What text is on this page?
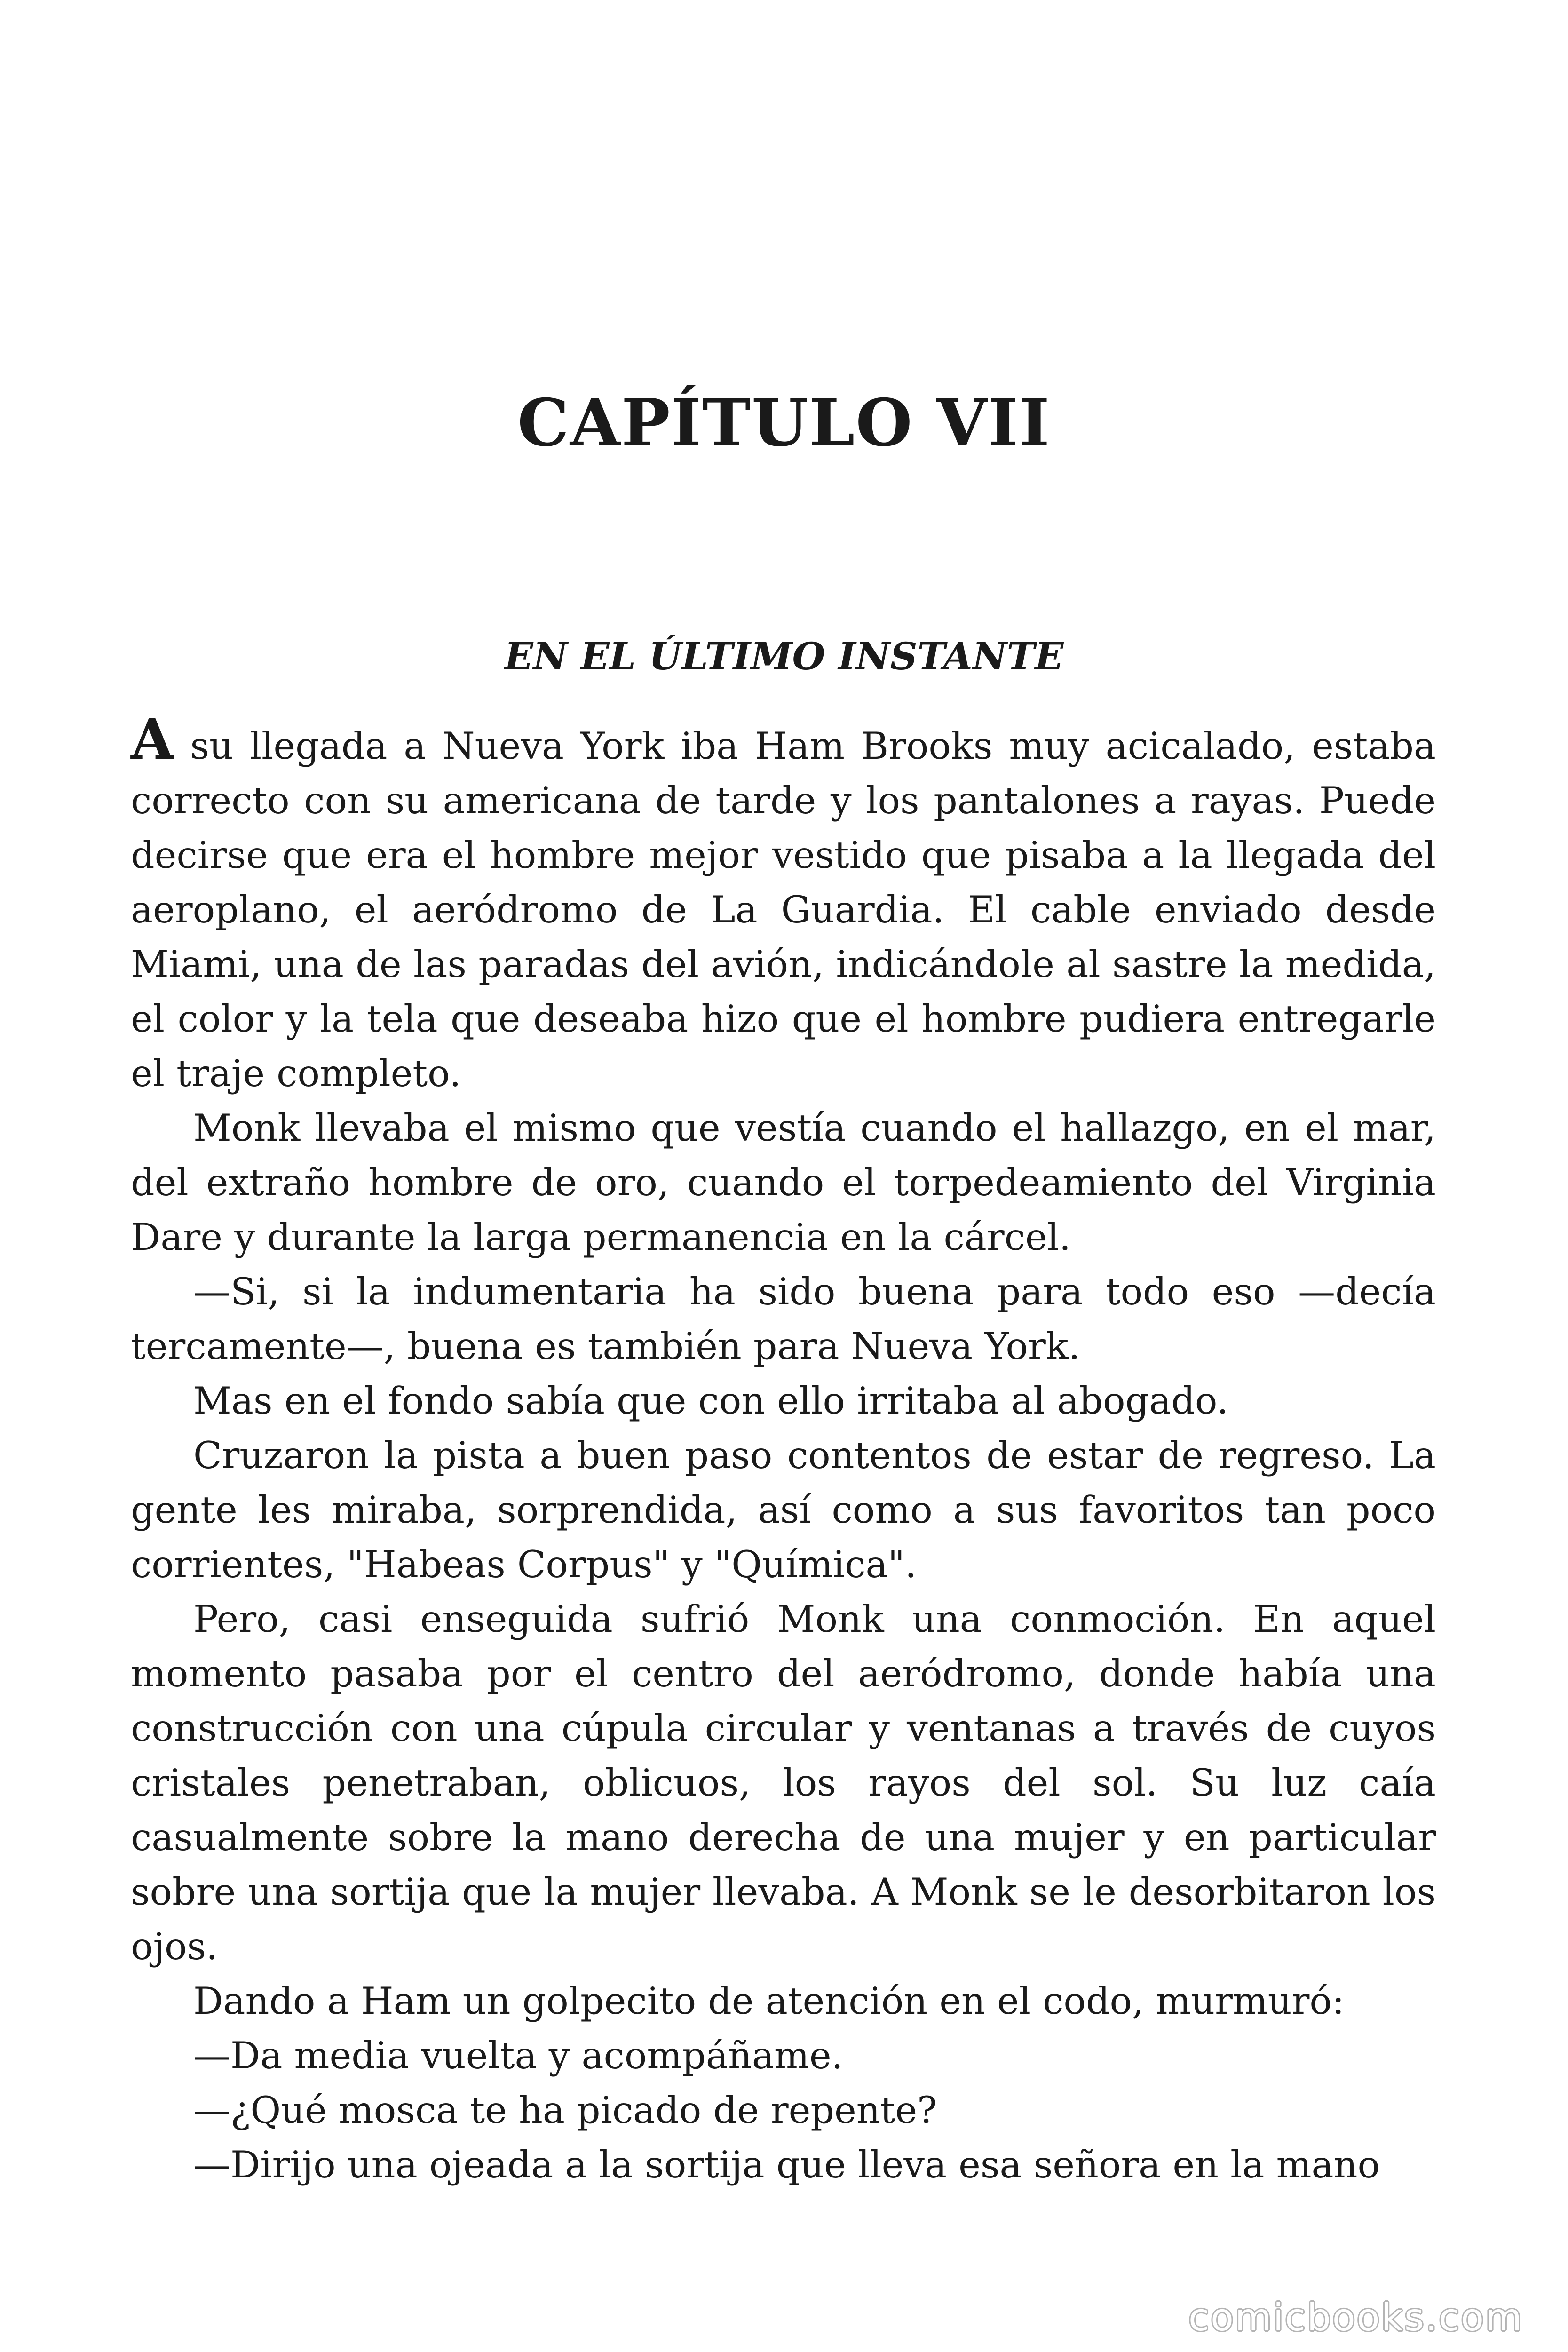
CAPÍTULO VII
EN EL ÚLTIMO INSTANTE

A su llegada a Nueva York iba Ham Brooks muy acicalado, estaba correcto con su americana de tarde y los pantalones a rayas. Puede decirse que era el hombre mejor vestido que pisaba a la llegada del aeroplano, el aeródromo de La Guardia. El cable enviado desde Miami, una de las paradas del avión, indicándole al sastre la medida, el color y la tela que deseaba hizo que el hombre pudiera entregarle el traje completo.

Monk llevaba el mismo que vestía cuando el hallazgo, en el mar, del extraño hombre de oro, cuando el torpedeamiento del Virginia Dare y durante la larga permanencia en la cárcel.

—Si, si la indumentaria ha sido buena para todo eso —decía tercamente—, buena es también para Nueva York.

Mas en el fondo sabía que con ello irritaba al abogado.

Cruzaron la pista a buen paso contentos de estar de regreso. La gente les miraba, sorprendida, así como a sus favoritos tan poco corrientes, "Habeas Corpus" y "Química".

Pero, casi enseguida sufrió Monk una conmoción. En aquel momento pasaba por el centro del aeródromo, donde había una construcción con una cúpula circular y ventanas a través de cuyos cristales penetraban, oblicuos, los rayos del sol. Su luz caía casualmente sobre la mano derecha de una mujer y en particular sobre una sortija que la mujer llevaba. A Monk se le desorbitaron los ojos.

Dando a Ham un golpecito de atención en el codo, murmuró:

—Da media vuelta y acompáñame.

—¿Qué mosca te ha picado de repente?

—Dirijo una ojeada a la sortija que lleva esa señora en la mano

comicbooks.com
